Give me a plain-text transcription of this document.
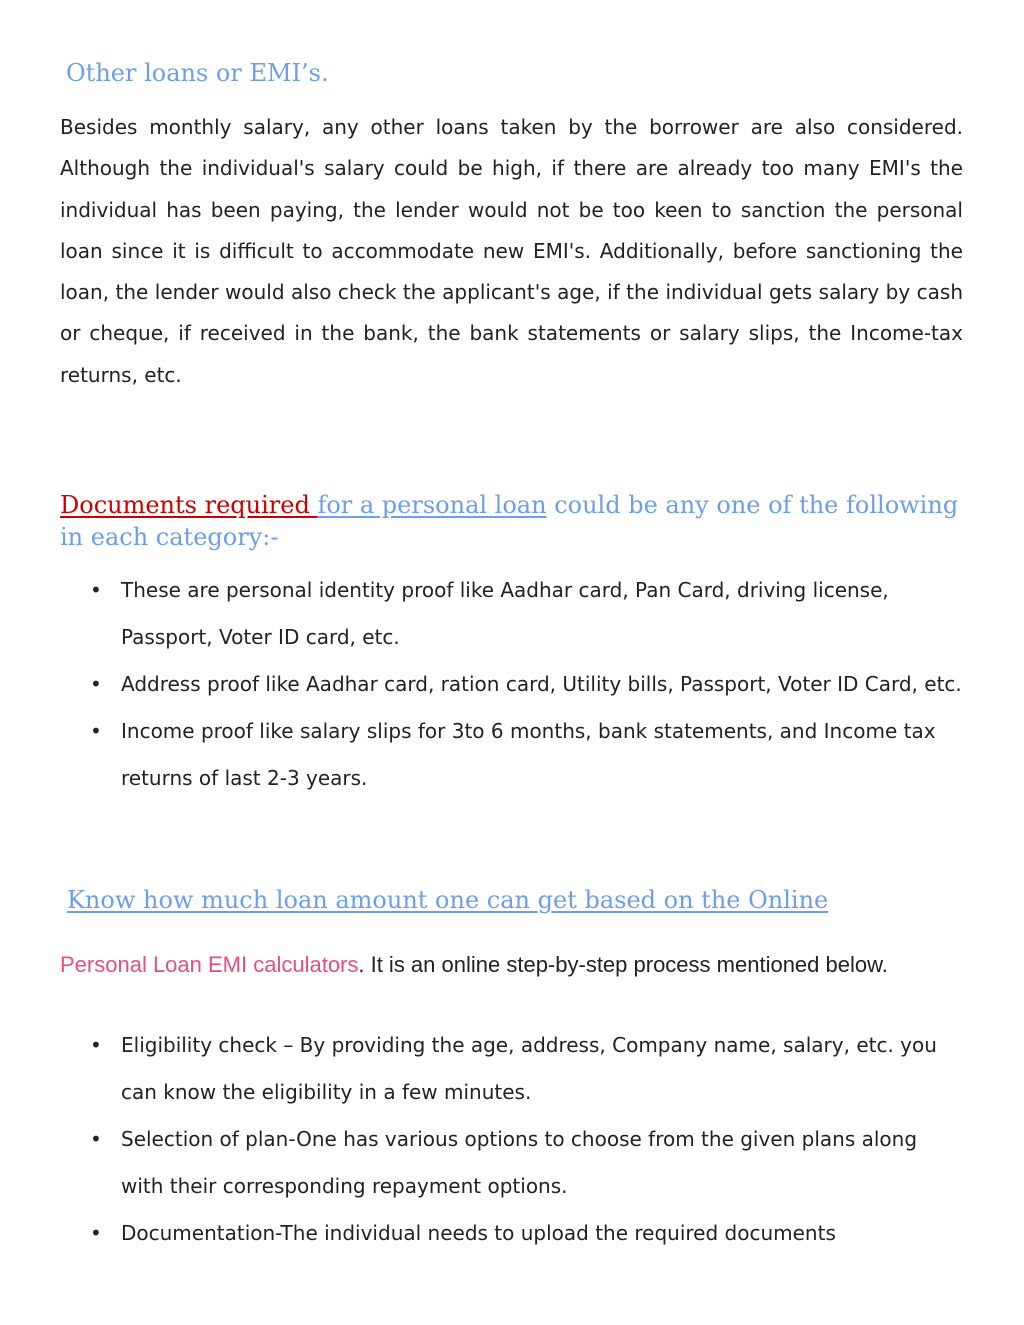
Other loans or EMI’s.

Besides monthly salary, any other loans taken by the borrower are also considered. Although the individual's salary could be high, if there are already too many EMI's the individual has been paying, the lender would not be too keen to sanction the personal loan since it is difficult to accommodate new EMI's. Additionally, before sanctioning the loan, the lender would also check the applicant's age, if the individual gets salary by cash or cheque, if received in the bank, the bank statements or salary slips, the Income-tax returns, etc.

Documents required for a personal loan could be any one of the following in each category:-
• These are personal identity proof like Aadhar card, Pan Card, driving license, Passport, Voter ID card, etc.
• Address proof like Aadhar card, ration card, Utility bills, Passport, Voter ID Card, etc.
• Income proof like salary slips for 3to 6 months, bank statements, and Income tax returns of last 2-3 years.
Know how much loan amount one can get based on the Online

Personal Loan EMI calculators. It is an online step-by-step process mentioned below.

• Eligibility check – By providing the age, address, Company name, salary, etc. you can know the eligibility in a few minutes.
• Selection of plan-One has various options to choose from the given plans along with their corresponding repayment options.
• Documentation-The individual needs to upload the required documents
